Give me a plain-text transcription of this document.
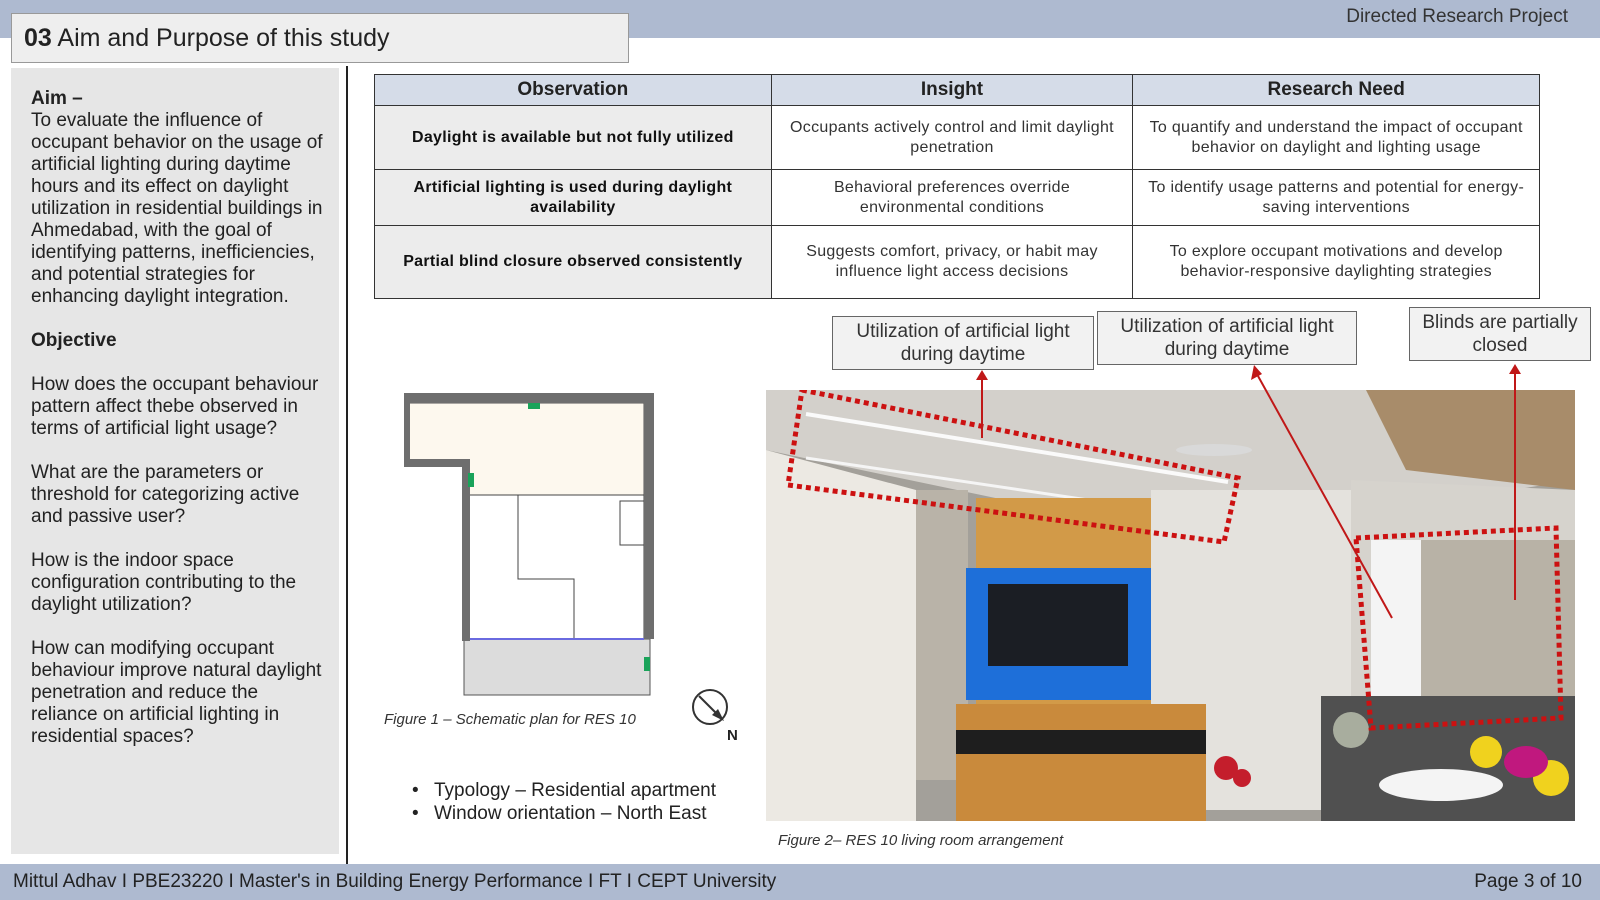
Directed Research Project
03 Aim and Purpose of this study
Aim –

To evaluate the influence of occupant behavior on the usage of artificial lighting during daytime hours and its effect on daylight utilization in residential buildings in Ahmedabad, with the goal of identifying patterns, inefficiencies, and potential strategies for enhancing daylight integration.

Objective

How does the occupant behaviour pattern affect thebe observed in terms of artificial light usage?

What are the parameters or threshold for categorizing active and passive user?

How is the indoor space configuration contributing to the daylight utilization?

How can modifying occupant behaviour improve natural daylight penetration and reduce the reliance on artificial lighting in residential spaces?

Observation	Insight	Research Need
Daylight is available but not fully utilized	Occupants actively control and limit daylight penetration	To quantify and understand the impact of occupant behavior on daylight and lighting usage
Artificial lighting is used during daylight availability	Behavioral preferences override environmental conditions	To identify usage patterns and potential for energy-saving interventions
Partial blind closure observed consistently	Suggests comfort, privacy, or habit may influence light access decisions	To explore occupant motivations and develop behavior-responsive daylighting strategies
Utilization of artificial light during daytime
Utilization of artificial light during daytime
Blinds are partially closed
Figure 1 – Schematic plan for RES 10
N
• Typology – Residential apartment
• Window orientation – North East
Figure 2– RES 10 living room arrangement
Mittul Adhav I PBE23220 I Master's in Building Energy Performance I FT I CEPT University	Page 3 of 10
